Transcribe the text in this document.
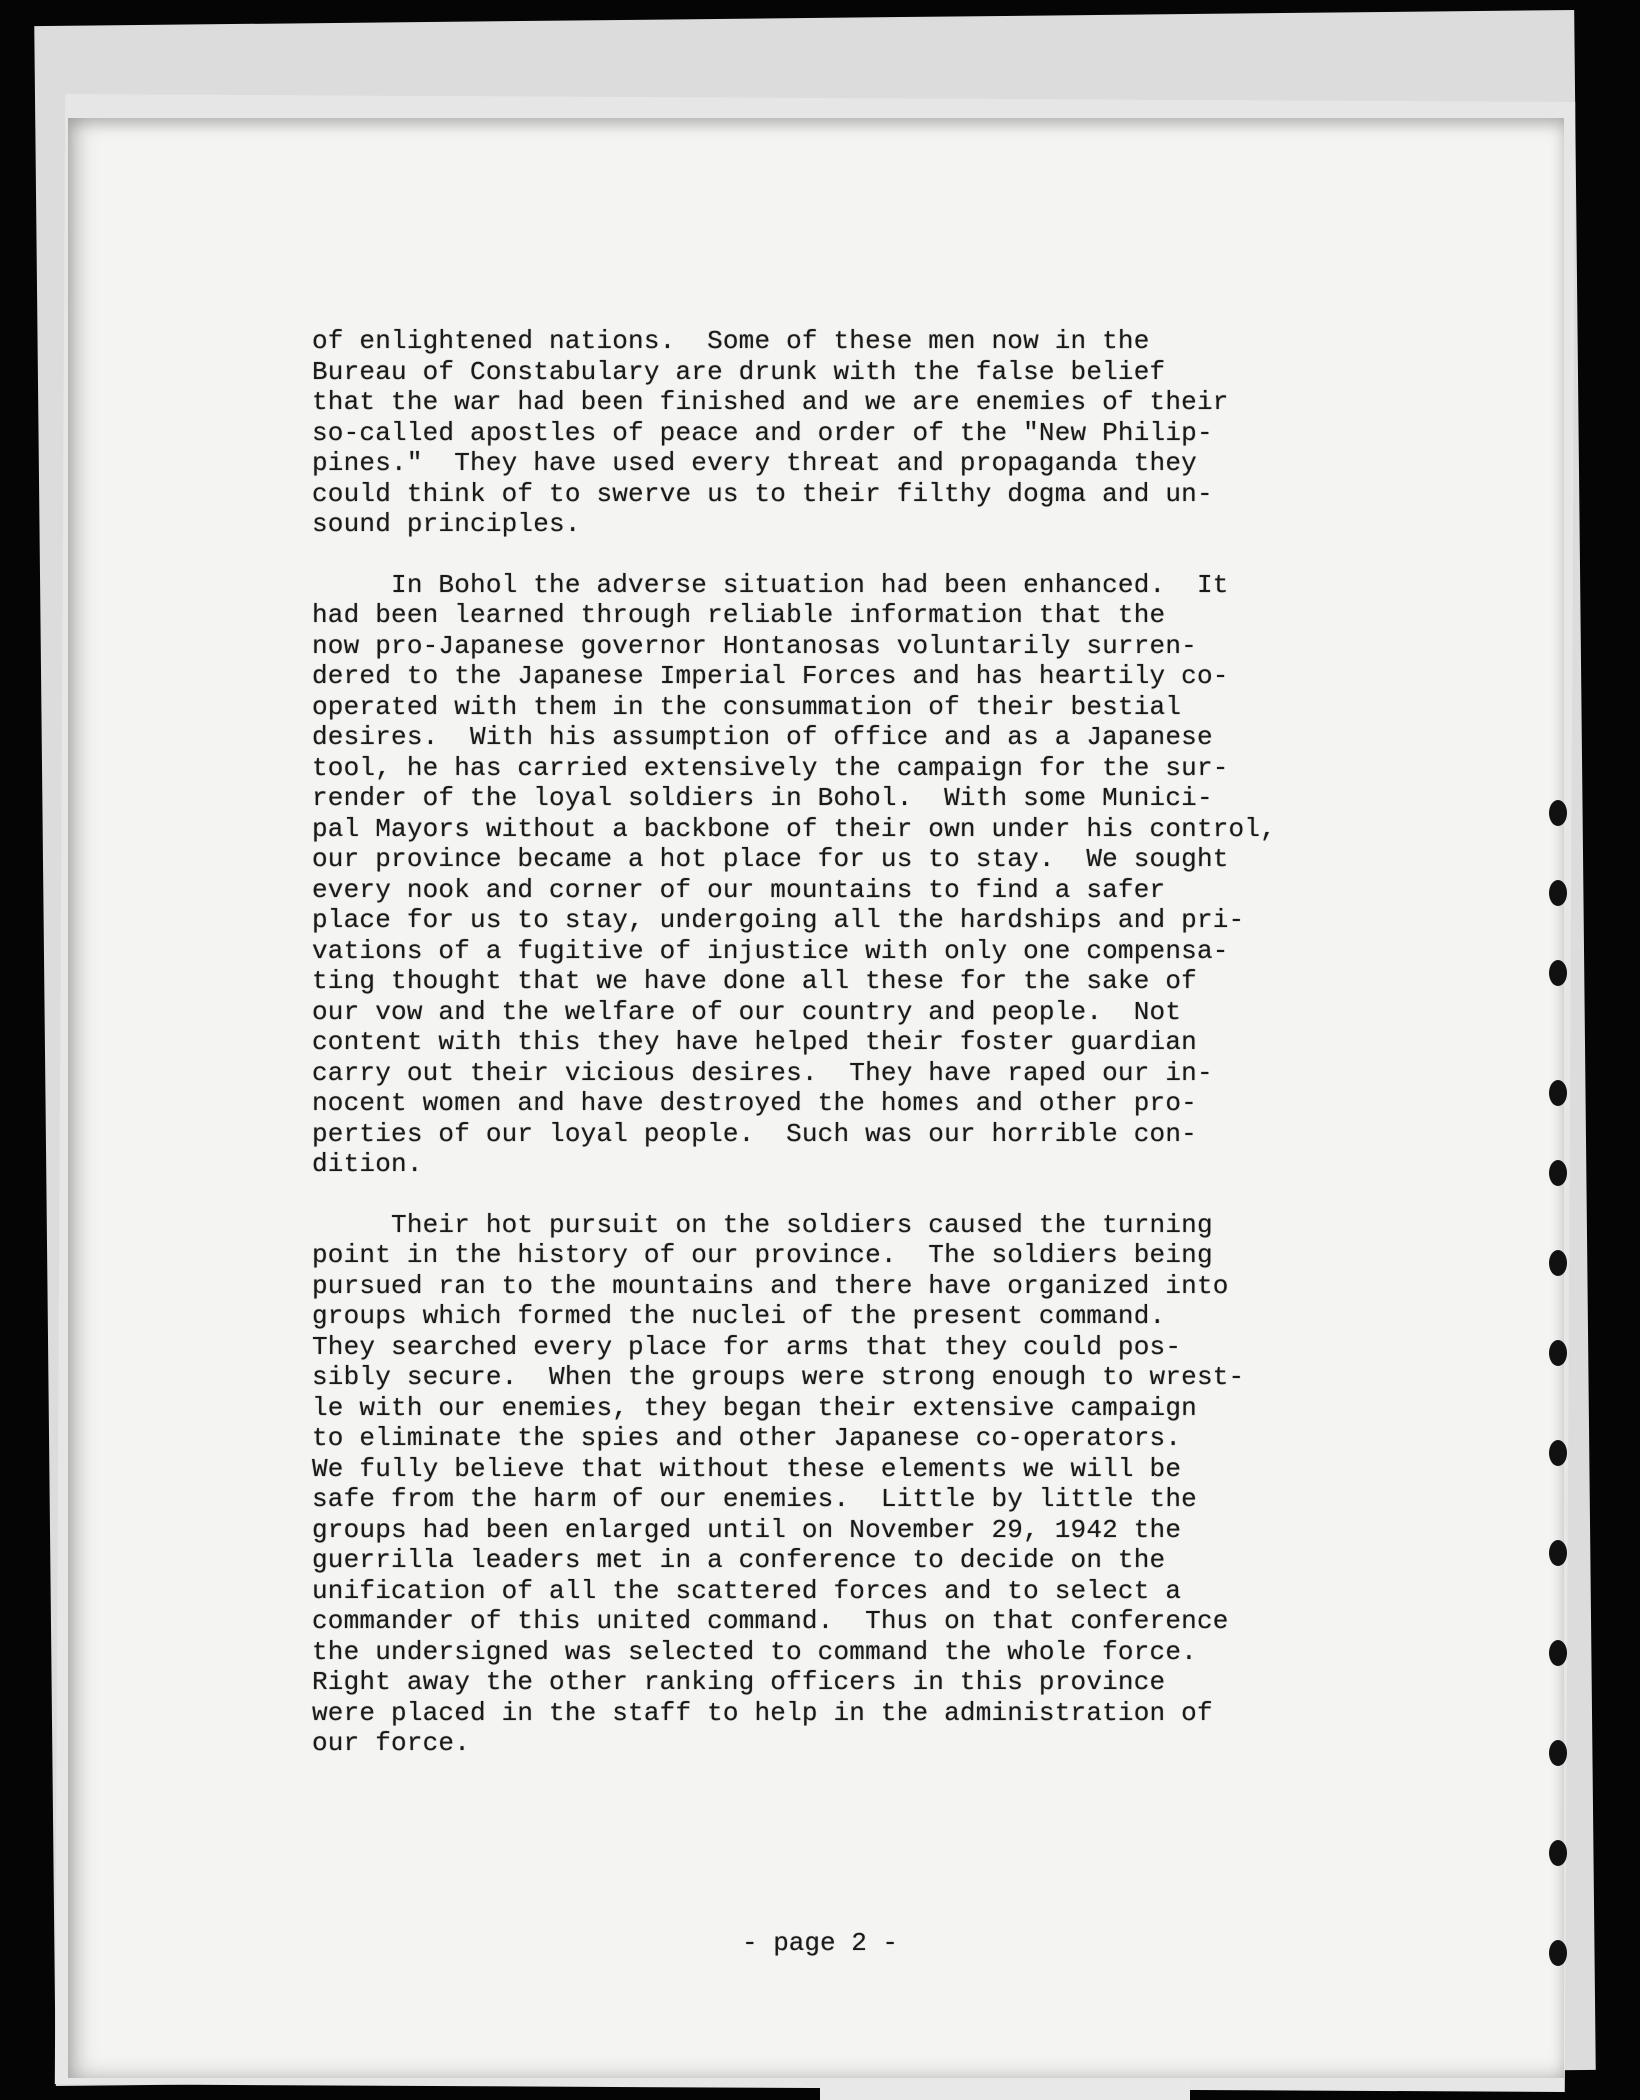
of enlightened nations.  Some of these men now in the
Bureau of Constabulary are drunk with the false belief
that the war had been finished and we are enemies of their
so-called apostles of peace and order of the "New Philip-
pines."  They have used every threat and propaganda they
could think of to swerve us to their filthy dogma and un-
sound principles.
In Bohol the adverse situation had been enhanced.  It
had been learned through reliable information that the
now pro-Japanese governor Hontanosas voluntarily surren-
dered to the Japanese Imperial Forces and has heartily co-
operated with them in the consummation of their bestial
desires.  With his assumption of office and as a Japanese
tool, he has carried extensively the campaign for the sur-
render of the loyal soldiers in Bohol.  With some Munici-
pal Mayors without a backbone of their own under his control,
our province became a hot place for us to stay.  We sought
every nook and corner of our mountains to find a safer
place for us to stay, undergoing all the hardships and pri-
vations of a fugitive of injustice with only one compensa-
ting thought that we have done all these for the sake of
our vow and the welfare of our country and people.  Not
content with this they have helped their foster guardian
carry out their vicious desires.  They have raped our in-
nocent women and have destroyed the homes and other pro-
perties of our loyal people.  Such was our horrible con-
dition.
Their hot pursuit on the soldiers caused the turning
point in the history of our province.  The soldiers being
pursued ran to the mountains and there have organized into
groups which formed the nuclei of the present command.
They searched every place for arms that they could pos-
sibly secure.  When the groups were strong enough to wrest-
le with our enemies, they began their extensive campaign
to eliminate the spies and other Japanese co-operators.
We fully believe that without these elements we will be
safe from the harm of our enemies.  Little by little the
groups had been enlarged until on November 29, 1942 the
guerrilla leaders met in a conference to decide on the
unification of all the scattered forces and to select a
commander of this united command.  Thus on that conference
the undersigned was selected to command the whole force.
Right away the other ranking officers in this province
were placed in the staff to help in the administration of
our force.
- page 2 -
